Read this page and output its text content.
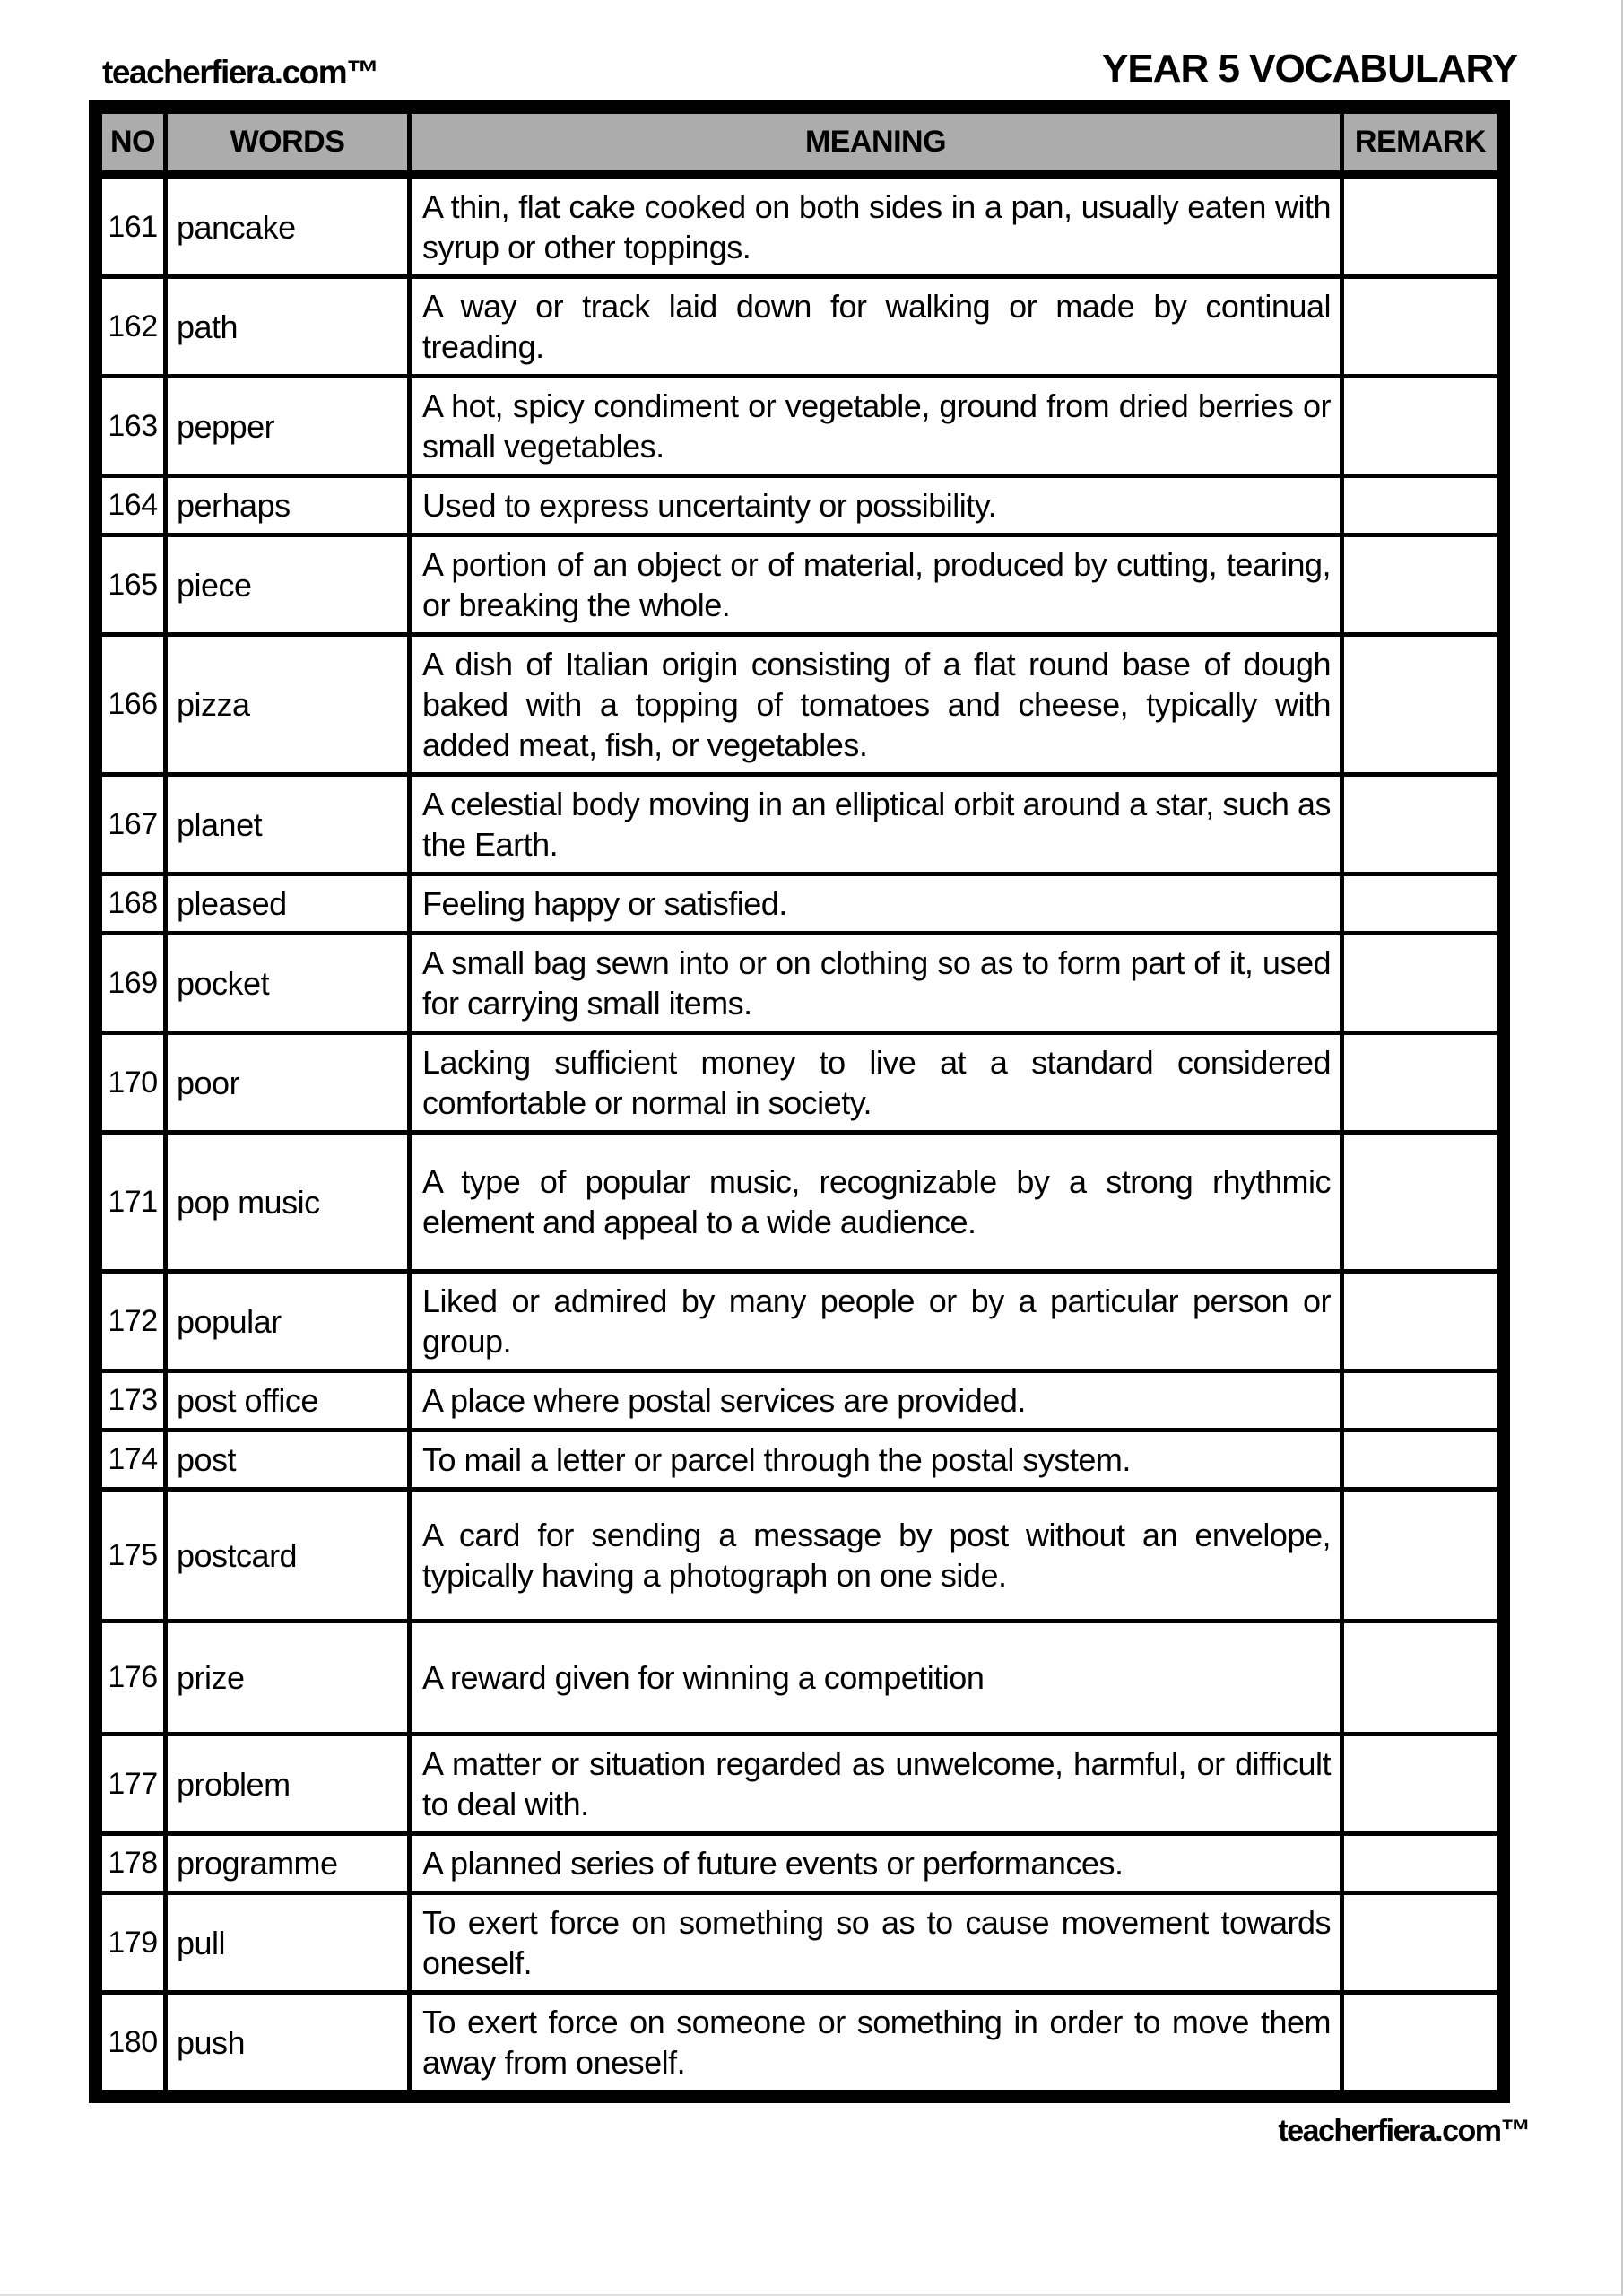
teacherfiera.com™	YEAR 5 VOCABULARY
NO	WORDS	MEANING	REMARK
161	pancake	A thin, flat cake cooked on both sides in a pan, usually eaten with syrup or other toppings.	
162	path	A way or track laid down for walking or made by continual treading.	
163	pepper	A hot, spicy condiment or vegetable, ground from dried berries or small vegetables.	
164	perhaps	Used to express uncertainty or possibility.	
165	piece	A portion of an object or of material, produced by cutting, tearing, or breaking the whole.	
166	pizza	A dish of Italian origin consisting of a flat round base of dough baked with a topping of tomatoes and cheese, typically with added meat, fish, or vegetables.	
167	planet	A celestial body moving in an elliptical orbit around a star, such as the Earth.	
168	pleased	Feeling happy or satisfied.	
169	pocket	A small bag sewn into or on clothing so as to form part of it, used for carrying small items.	
170	poor	Lacking sufficient money to live at a standard considered comfortable or normal in society.	
171	pop music	A type of popular music, recognizable by a strong rhythmic element and appeal to a wide audience.	
172	popular	Liked or admired by many people or by a particular person or group.	
173	post office	A place where postal services are provided.	
174	post	To mail a letter or parcel through the postal system.	
175	postcard	A card for sending a message by post without an envelope, typically having a photograph on one side.	
176	prize	A reward given for winning a competition	
177	problem	A matter or situation regarded as unwelcome, harmful, or difficult to deal with.	
178	programme	A planned series of future events or performances.	
179	pull	To exert force on something so as to cause movement towards oneself.	
180	push	To exert force on someone or something in order to move them away from oneself.	
teacherfiera.com™
